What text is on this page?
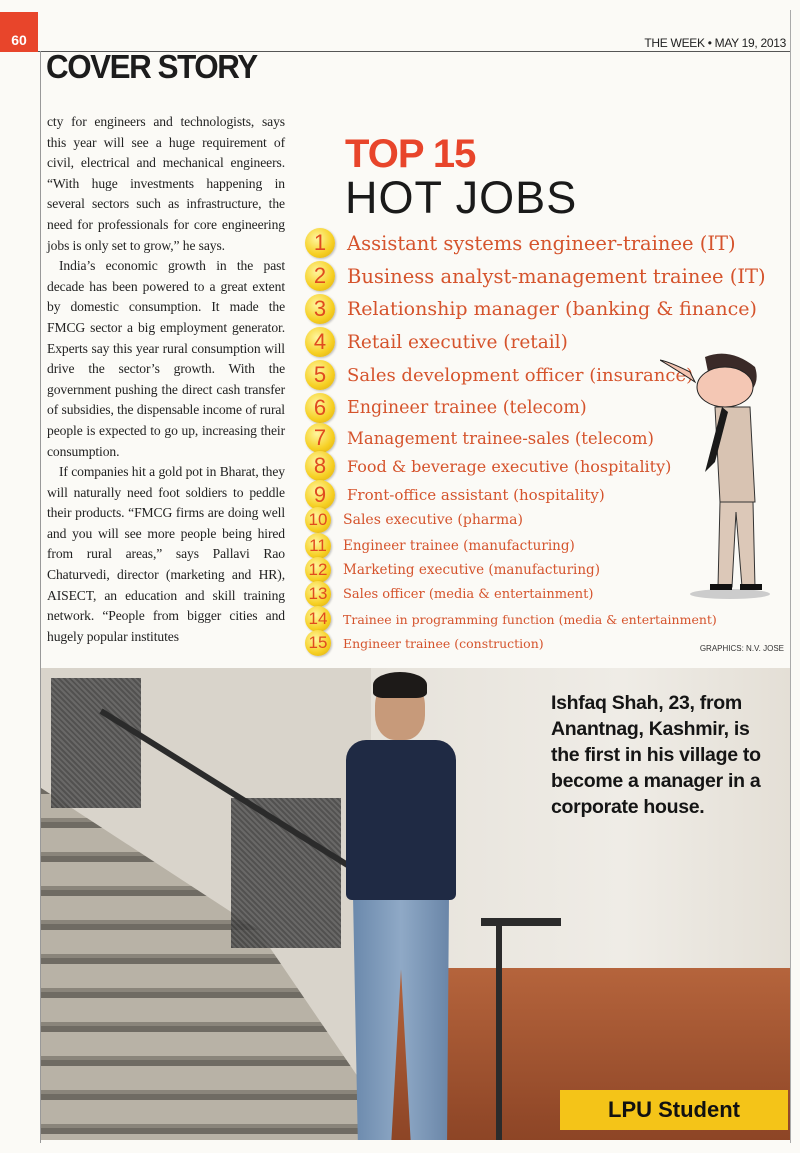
60	THE WEEK • MAY 19, 2013
COVER STORY

cty for engineers and technologists, says this year will see a huge requirement of civil, electrical and mechanical engineers. “With huge investments happening in several sectors such as infrastructure, the need for professionals for core engineering jobs is only set to grow,” he says.

India’s economic growth in the past decade has been powered to a great extent by domestic consumption. It made the FMCG sector a big employment generator. Experts say this year rural consumption will drive the sector’s growth. With the government pushing the direct cash transfer of subsidies, the dispensable income of rural people is expected to go up, increasing their consumption.

If companies hit a gold pot in Bharat, they will naturally need foot soldiers to peddle their products. “FMCG firms are doing well and you will see more people being hired from rural areas,” says Pallavi Rao Chaturvedi, director (marketing and HR), AISECT, an education and skill training network. “People from bigger cities and hugely popular institutes

TOP 15
HOT JOBS
1	Assistant systems engineer-trainee (IT)
2	Business analyst-management trainee (IT)
3	Relationship manager (banking & finance)
4	Retail executive (retail)
5	Sales development officer (insurance)
6	Engineer trainee (telecom)
7	Management trainee-sales (telecom)
8	Food & beverage executive (hospitality)
9	Front-office assistant (hospitality)
10 Sales executive (pharma)
11	Engineer trainee (manufacturing)
12 Marketing executive (manufacturing)
13 Sales officer (media & entertainment)
14 Trainee in programming function (media & entertainment)
15 Engineer trainee (construction)	GRAPHICS: N.V. JOSE
Ishfaq Shah, 23, from Anantnag, Kashmir, is the first in his village to become a manager in a corporate house.
LPU Student
